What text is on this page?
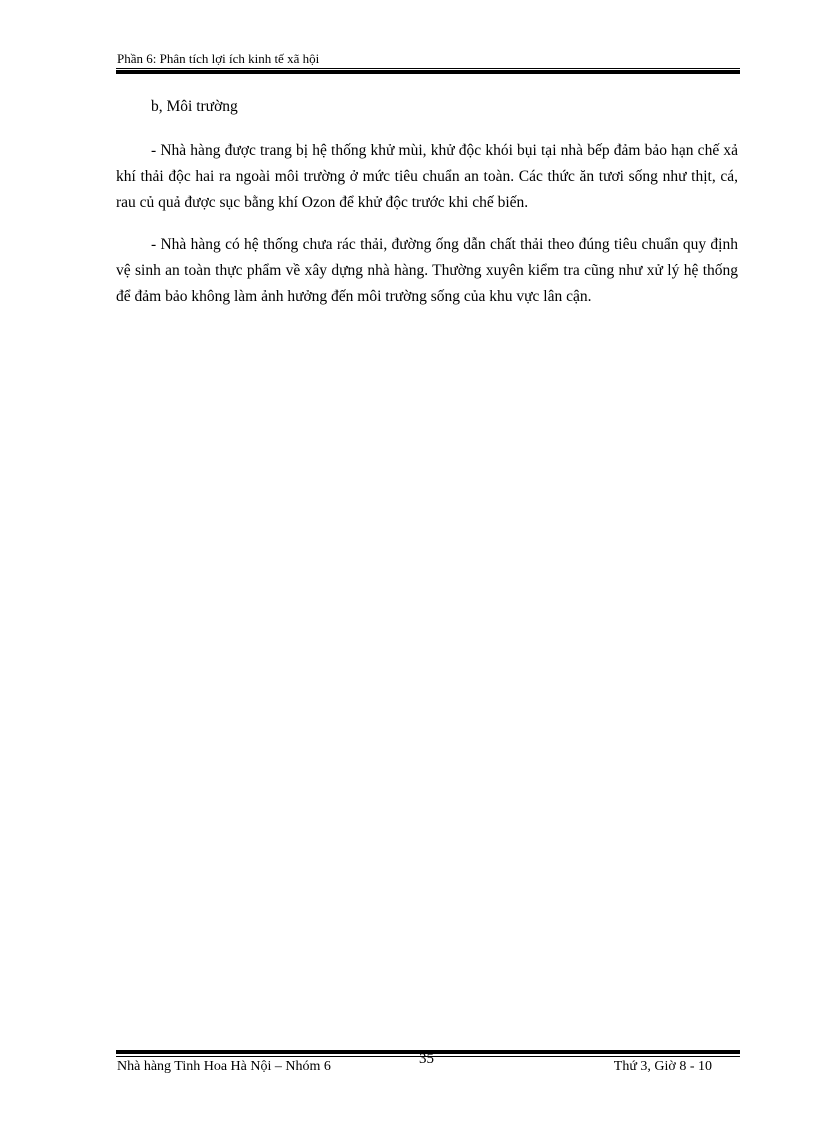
Phần 6: Phân tích lợi ích kinh tế xã hội

b, Môi trường

- Nhà hàng được trang bị hệ thống khử mùi, khử độc khói bụi tại nhà bếp đảm bảo hạn chế xả khí thải độc hai ra ngoài môi trường ở mức tiêu chuẩn an toàn. Các thức ăn tươi sống như thịt, cá, rau củ quả được sục bằng khí Ozon để khử độc trước khi chế biến.

- Nhà hàng có hệ thống chưa rác thải, đường ống dẫn chất thải theo đúng tiêu chuẩn quy định vệ sinh an toàn thực phẩm về xây dựng nhà hàng. Thường xuyên kiểm tra cũng như xử lý hệ thống để đảm bảo không làm ảnh hưởng đến môi trường sống của khu vực lân cận.

Nhà hàng Tinh Hoa Hà Nội – Nhóm 6	35	Thứ 3, Giờ 8 - 10
